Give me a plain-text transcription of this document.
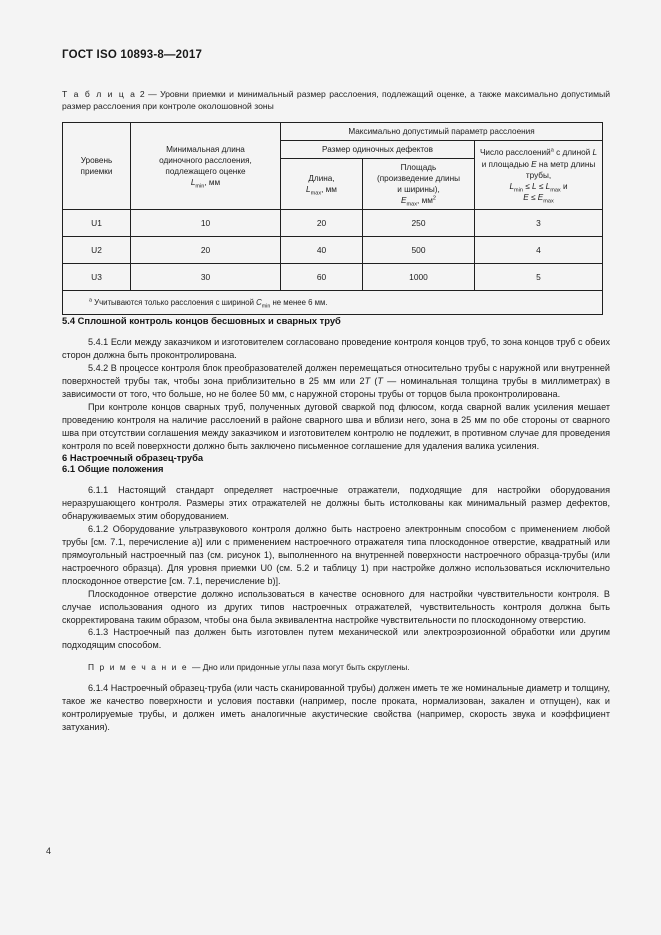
ГОСТ ISO 10893-8—2017
Т а б л и ц а 2 — Уровни приемки и минимальный размер расслоения, подлежащий оценке, а также максимально допустимый размер расслоения при контроле околошовной зоны
Уровень приемки	Минимальная длина
одиночного расслоения,
подлежащего оценке
$L_{min}$, мм	Максимально допустимый параметр расслоения		
		Размер одиночных дефектов		Число расслоений$^a$ с длиной L
и площадью E на метр длины
трубы,
$L_{min} \le L \le L_{max}$ и
$E \le E_{max}$
		Длина,
$L_{max}$, мм	Площадь
(произведение длины
и ширины),
$E_{max}$, $мм^2$
U1	10	20	250	3
U2	20	40	500	4
U3	30	60	1000	5
$^a$ Учитываются только расслоения с шириной $C_{min}$ не менее 6 мм.				
5.4 Сплошной контроль концов бесшовных и сварных труб

5.4.1 Если между заказчиком и изготовителем согласовано проведение контроля концов труб, то зона концов труб с обеих сторон должна быть проконтролирована.

5.4.2 В процессе контроля блок преобразователей должен перемещаться относительно трубы с наружной или внутренней поверхностей трубы так, чтобы зона приблизительно в 25 мм или 2T (T — номинальная толщина трубы в миллиметрах) в зависимости от того, что больше, но не более 50 мм, с наружной стороны трубы от торцов была проконтролирована.

При контроле концов сварных труб, полученных дуговой сваркой под флюсом, когда сварной валик усиления мешает проведению контроля на наличие расслоений в районе сварного шва и вблизи него, зона в 25 мм по обе стороны от сварного шва при отсутствии соглашения между заказчиком и изготовителем контролю не подлежит, в противном случае для проведения контроля по всей поверхности должно быть заключено письменное соглашение для удаления валика усиления.

6 Настроечный образец-труба
6.1 Общие положения

6.1.1 Настоящий стандарт определяет настроечные отражатели, подходящие для настройки оборудования неразрушающего контроля. Размеры этих отражателей не должны быть истолкованы как минимальный размер дефектов, обнаруживаемых этим оборудованием.

6.1.2 Оборудование ультразвукового контроля должно быть настроено электронным способом с применением любой трубы [см. 7.1, перечисление a)] или с применением настроечного отражателя типа плоскодонное отверстие, квадратный или прямоугольный настроечный паз (см. рисунок 1), выполненного на внутренней поверхности настроечного образца-трубы (или настроечного образца). Для уровня приемки U0 (см. 5.2 и таблицу 1) при настройке должно использоваться исключительно плоскодонное отверстие [см. 7.1, перечисление b)].

Плоскодонное отверстие должно использоваться в качестве основного для настройки чувствительности контроля. В случае использования одного из других типов настроечных отражателей, чувствительность контроля должна быть скорректирована таким образом, чтобы она была эквивалентна настройке чувствительности по плоскодонному отверстию.

6.1.3 Настроечный паз должен быть изготовлен путем механической или электроэрозионной обработки или другим подходящим способом.

П р и м е ч а н и е — Дно или придонные углы паза могут быть скруглены.

6.1.4 Настроечный образец-труба (или часть сканированной трубы) должен иметь те же номинальные диаметр и толщину, такое же качество поверхности и условия поставки (например, после проката, нормализован, закален и отпущен), как и контролируемые трубы, и должен иметь аналогичные акустические свойства (например, скорость звука и коэффициент затухания).

4
